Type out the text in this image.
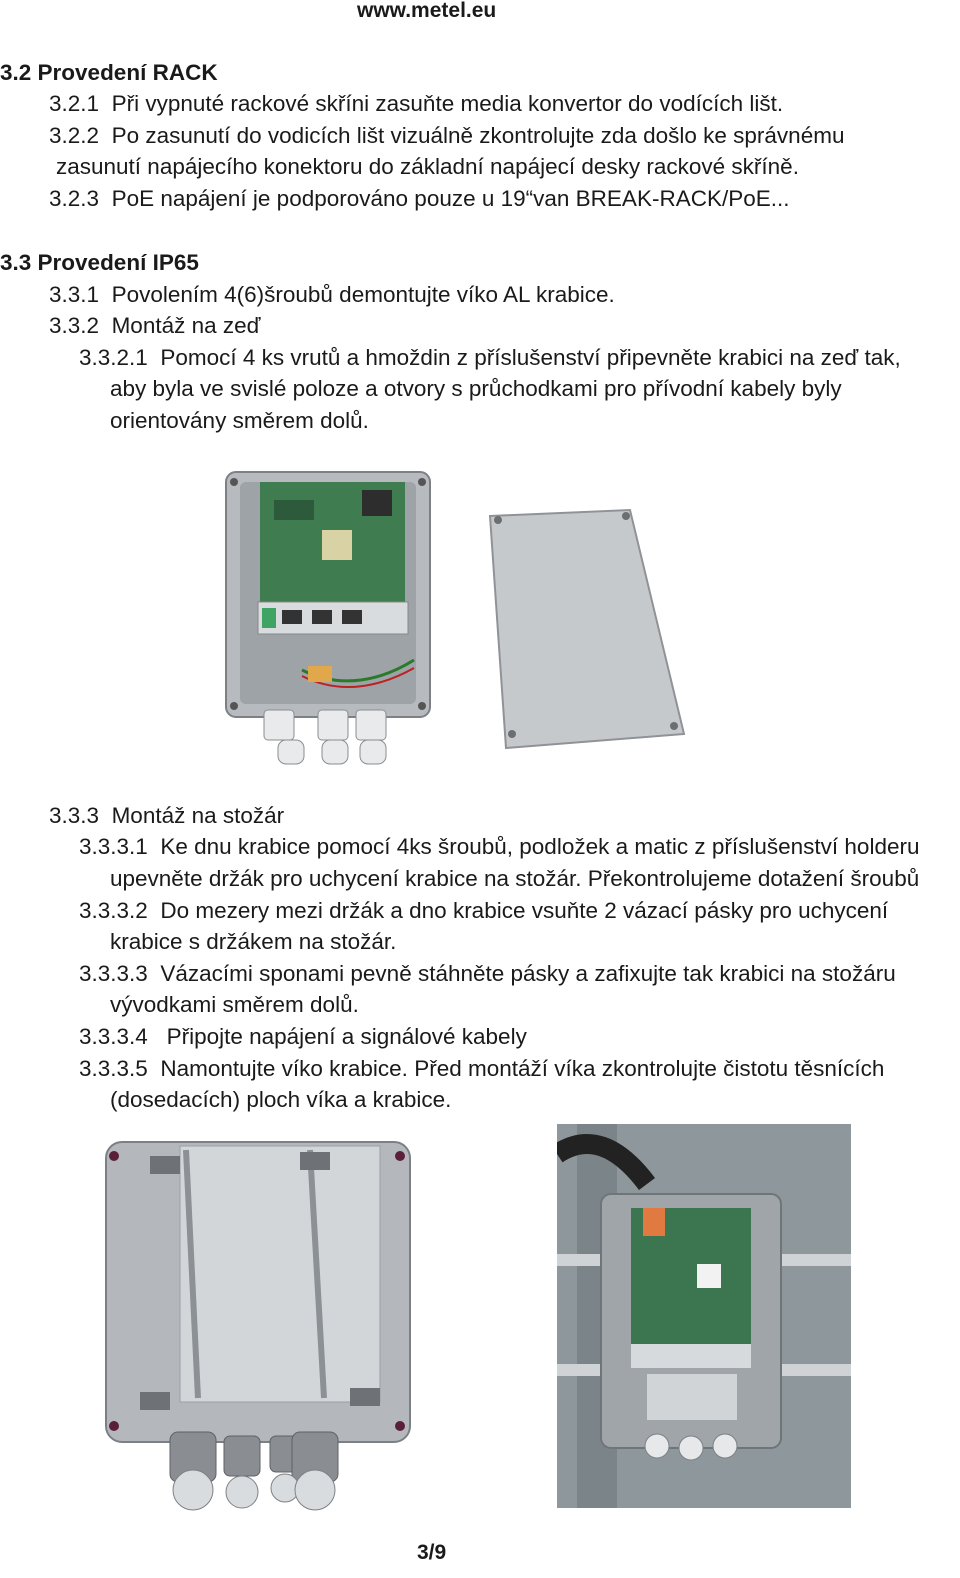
www.metel.eu
3.2 Provedení RACK
3.2.1 Při vypnuté rackové skříni zasuňte media konvertor do vodících lišt.
3.2.2 Po zasunutí do vodicích lišt vizuálně zkontrolujte zda došlo ke správnému
zasunutí napájecího konektoru do základní napájecí desky rackové skříně.
3.2.3 PoE napájení je podporováno pouze u 19“van BREAK-RACK/PoE...
3.3 Provedení IP65
3.3.1 Povolením 4(6)šroubů demontujte víko AL krabice.
3.3.2 Montáž na zeď
3.3.2.1 Pomocí 4 ks vrutů a hmoždin z příslušenství připevněte krabici na zeď tak,
aby byla ve svislé poloze a otvory s průchodkami pro přívodní kabely byly
orientovány směrem dolů.
3.3.3 Montáž na stožár
3.3.3.1 Ke dnu krabice pomocí 4ks šroubů, podložek a matic z příslušenství holderu
upevněte držák pro uchycení krabice na stožár. Překontrolujeme dotažení šroubů
3.3.3.2 Do mezery mezi držák a dno krabice vsuňte 2 vázací pásky pro uchycení
krabice s držákem na stožár.
3.3.3.3 Vázacími sponami pevně stáhněte pásky a zafixujte tak krabici na stožáru
vývodkami směrem dolů.
3.3.3.4   Připojte napájení a signálové kabely
3.3.3.5 Namontujte víko krabice. Před montáží víka zkontrolujte čistotu těsnících
(dosedacích) ploch víka a krabice.
3/9
